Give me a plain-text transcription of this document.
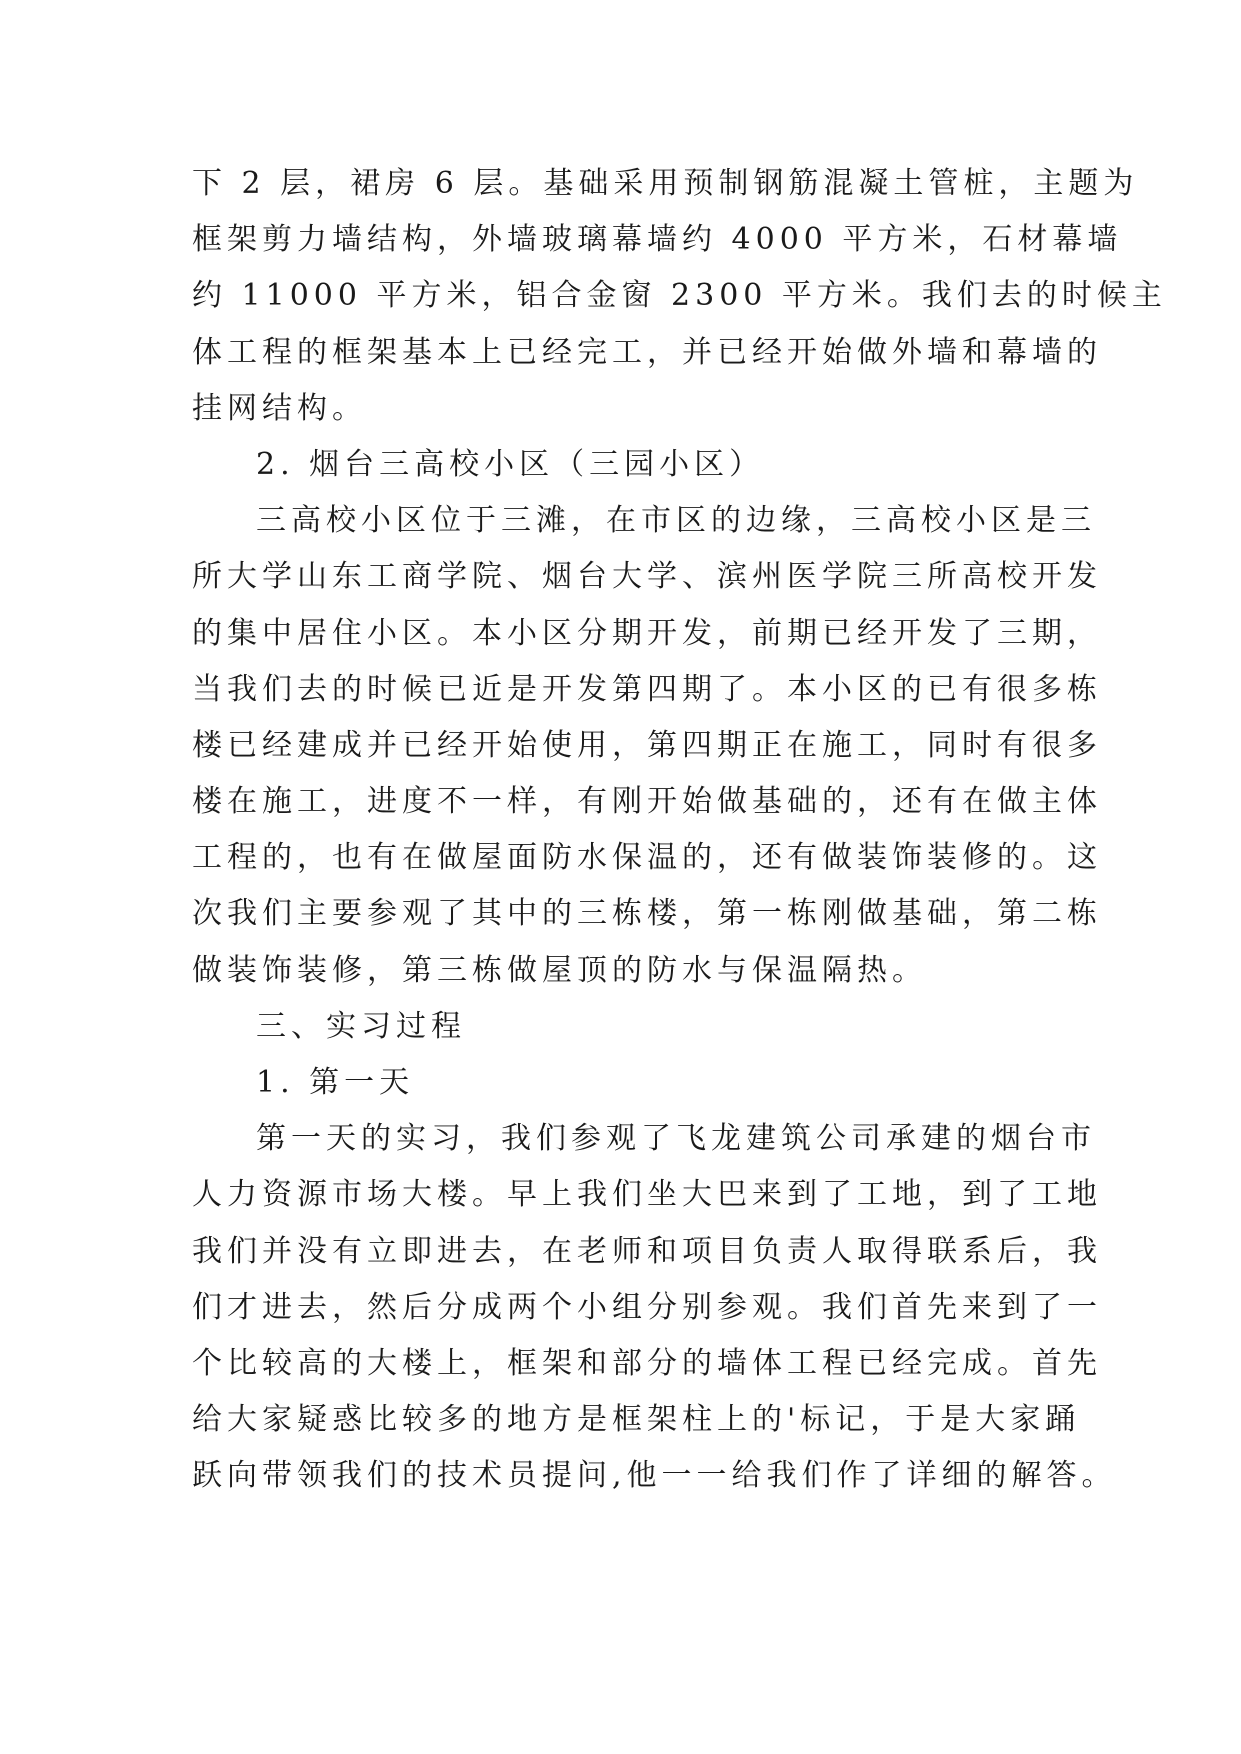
下 2 层，裙房 6 层。基础采用预制钢筋混凝土管桩，主题为
框架剪力墙结构，外墙玻璃幕墙约 4000 平方米，石材幕墙
约 11000 平方米，铝合金窗 2300 平方米。我们去的时候主
体工程的框架基本上已经完工，并已经开始做外墙和幕墙的
挂网结构。
2. 烟台三高校小区（三园小区）
三高校小区位于三滩，在市区的边缘，三高校小区是三
所大学山东工商学院、烟台大学、滨州医学院三所高校开发
的集中居住小区。本小区分期开发，前期已经开发了三期，
当我们去的时候已近是开发第四期了。本小区的已有很多栋
楼已经建成并已经开始使用，第四期正在施工，同时有很多
楼在施工，进度不一样，有刚开始做基础的，还有在做主体
工程的，也有在做屋面防水保温的，还有做装饰装修的。这
次我们主要参观了其中的三栋楼，第一栋刚做基础，第二栋
做装饰装修，第三栋做屋顶的防水与保温隔热。
三、实习过程
1. 第一天
第一天的实习，我们参观了飞龙建筑公司承建的烟台市
人力资源市场大楼。早上我们坐大巴来到了工地，到了工地
我们并没有立即进去，在老师和项目负责人取得联系后，我
们才进去，然后分成两个小组分别参观。我们首先来到了一
个比较高的大楼上，框架和部分的墙体工程已经完成。首先
给大家疑惑比较多的地方是框架柱上的'标记，于是大家踊
跃向带领我们的技术员提问,他一一给我们作了详细的解答。
